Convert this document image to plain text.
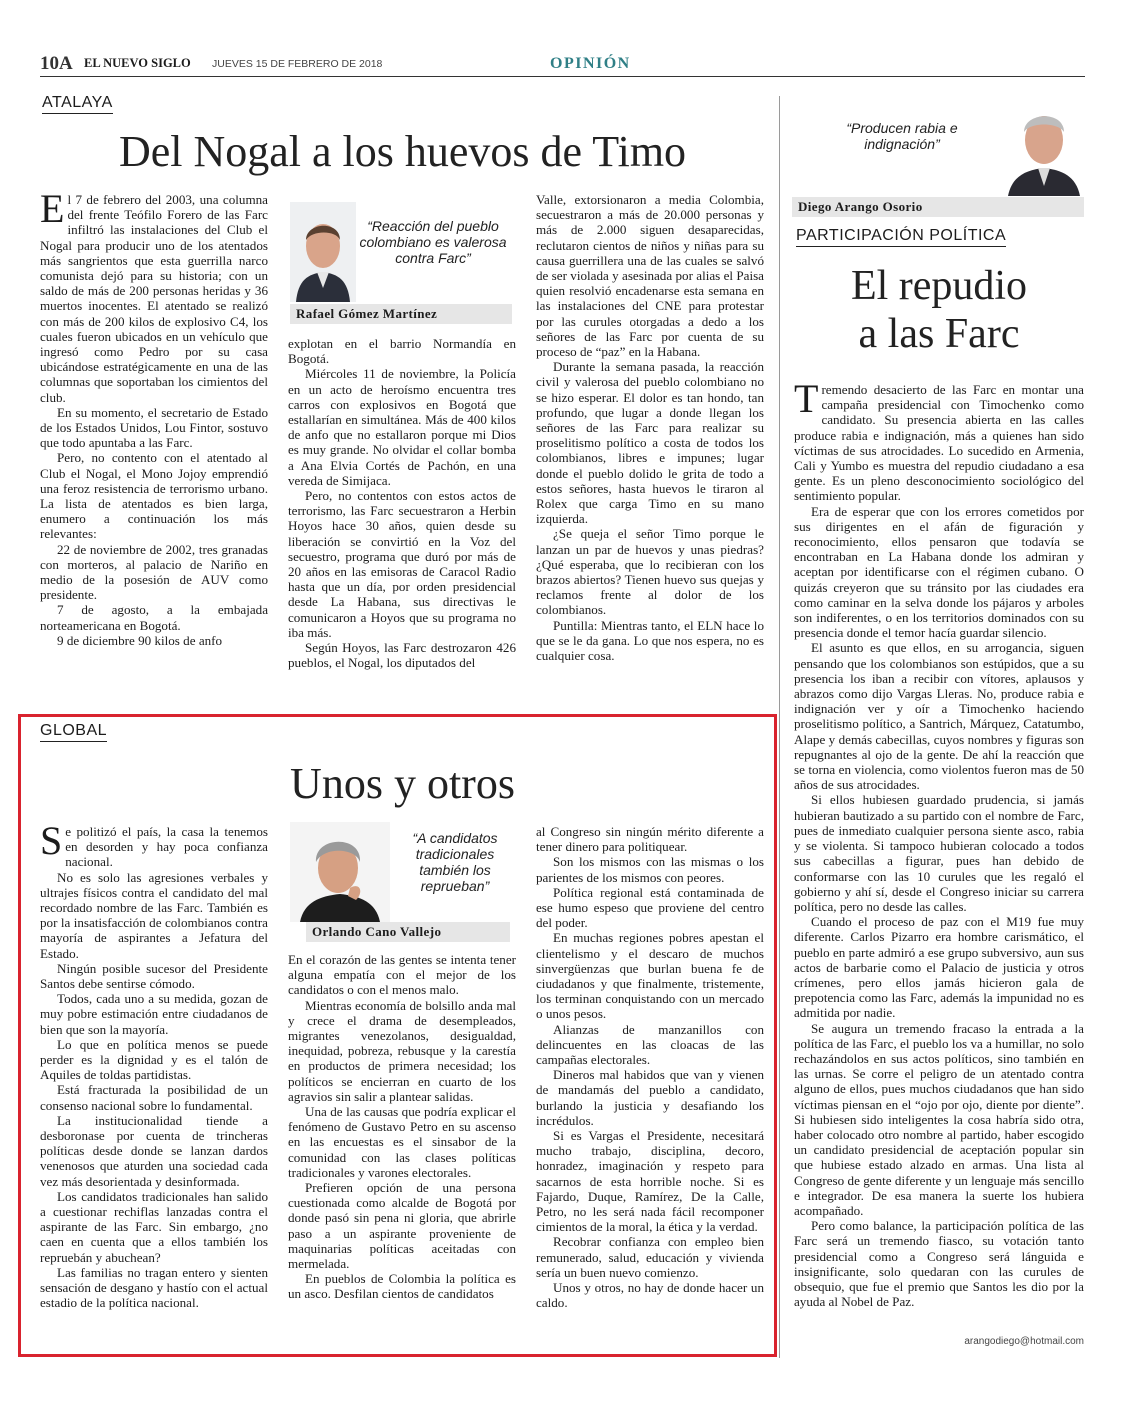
10A EL NUEVO SIGLO JUEVES 15 DE FEBRERO DE 2018	OPINIÓN
ATALAYA
Del Nogal a los huevos de Timo

El 7 de febrero del 2003, una columna del frente Teófilo Forero de las Farc infiltró las instalaciones del Club el Nogal para producir uno de los atentados más sangrientos que esta guerrilla narco comunista dejó para su historia; con un saldo de más de 200 personas heridas y 36 muertos inocentes. El atentado se realizó con más de 200 kilos de explosivo C4, los cuales fueron ubicados en un vehículo que ingresó como Pedro por su casa ubicándose estratégicamente en una de las columnas que soportaban los cimientos del club.

En su momento, el secretario de Estado de los Estados Unidos, Lou Fintor, sostuvo que todo apuntaba a las Farc.

Pero, no contento con el atentado al Club el Nogal, el Mono Jojoy emprendió una feroz resistencia de terrorismo urbano. La lista de atentados es bien larga, enumero a continuación los más relevantes:

22 de noviembre de 2002, tres granadas con morteros, al palacio de Nariño en medio de la posesión de AUV como presidente.

7 de agosto, a la embajada norteamericana en Bogotá.

9 de diciembre 90 kilos de anfo

“Reacción del pueblo colombiano es valerosa contra Farc”
Rafael Gómez Martínez

explotan en el barrio Normandía en Bogotá.

Miércoles 11 de noviembre, la Policía en un acto de heroísmo encuentra tres carros con explosivos en Bogotá que estallarían en simultánea. Más de 400 kilos de anfo que no estallaron porque mi Dios es muy grande. No olvidar el collar bomba a Ana Elvia Cortés de Pachón, en una vereda de Simijaca.

Pero, no contentos con estos actos de terrorismo, las Farc secuestraron a Herbin Hoyos hace 30 años, quien desde su liberación se convirtió en la Voz del secuestro, programa que duró por más de 20 años en las emisoras de Caracol Radio hasta que un día, por orden presidencial desde La Habana, sus directivas le comunicaron a Hoyos que su programa no iba más.

Según Hoyos, las Farc destrozaron 426 pueblos, el Nogal, los diputados del

Valle, extorsionaron a media Colombia, secuestraron a más de 20.000 personas y más de 2.000 siguen desaparecidas, reclutaron cientos de niños y niñas para su causa guerrillera una de las cuales se salvó de ser violada y asesinada por alias el Paisa quien resolvió encadenarse esta semana en las instalaciones del CNE para protestar por las curules otorgadas a dedo a los señores de las Farc por cuenta de su proceso de “paz” en la Habana.

Durante la semana pasada, la reacción civil y valerosa del pueblo colombiano no se hizo esperar. El dolor es tan hondo, tan profundo, que lugar a donde llegan los señores de las Farc para realizar su proselitismo político a costa de todos los colombianos, libres e impunes; lugar donde el pueblo dolido le grita de todo a estos señores, hasta huevos le tiraron al Rolex que carga Timo en su mano izquierda.

¿Se queja el señor Timo porque le lanzan un par de huevos y unas piedras? ¿Qué esperaba, que lo recibieran con los brazos abiertos? Tienen huevo sus quejas y reclamos frente al dolor de los colombianos.

Puntilla: Mientras tanto, el ELN hace lo que se le da gana. Lo que nos espera, no es cualquier cosa.

GLOBAL
Unos y otros

Se politizó el país, la casa la tenemos en desorden y hay poca confianza nacional.

No es solo las agresiones verbales y ultrajes físicos contra el candidato del mal recordado nombre de las Farc. También es por la insatisfacción de colombianos contra mayoría de aspirantes a Jefatura del Estado.

Ningún posible sucesor del Presidente Santos debe sentirse cómodo.

Todos, cada uno a su medida, gozan de muy pobre estimación entre ciudadanos de bien que son la mayoría.

Lo que en política menos se puede perder es la dignidad y es el talón de Aquiles de toldas partidistas.

Está fracturada la posibilidad de un consenso nacional sobre lo fundamental.

La institucionalidad tiende a desboronase por cuenta de trincheras políticas desde donde se lanzan dardos venenosos que aturden una sociedad cada vez más desorientada y desinformada.

Los candidatos tradicionales han salido a cuestionar rechiflas lanzadas contra el aspirante de las Farc. Sin embargo, ¿no caen en cuenta que a ellos también los repruebán y abuchean?

Las familias no tragan entero y sienten sensación de desgano y hastío con el actual estadio de la política nacional.

“A candidatos tradicionales también los reprueban”
Orlando Cano Vallejo

En el corazón de las gentes se intenta tener alguna empatía con el mejor de los candidatos o con el menos malo.

Mientras economía de bolsillo anda mal y crece el drama de desempleados, migrantes venezolanos, desigualdad, inequidad, pobreza, rebusque y la carestía en productos de primera necesidad; los políticos se encierran en cuarto de los agravios sin salir a plantear salidas.

Una de las causas que podría explicar el fenómeno de Gustavo Petro en su ascenso en las encuestas es el sinsabor de la comunidad con las clases políticas tradicionales y varones electorales.

Prefieren opción de una persona cuestionada como alcalde de Bogotá por donde pasó sin pena ni gloria, que abrirle paso a un aspirante proveniente de maquinarias políticas aceitadas con mermelada.

En pueblos de Colombia la política es un asco. Desfilan cientos de candidatos

al Congreso sin ningún mérito diferente a tener dinero para politiquear.

Son los mismos con las mismas o los parientes de los mismos con peores.

Política regional está contaminada de ese humo espeso que proviene del centro del poder.

En muchas regiones pobres apestan el clientelismo y el descaro de muchos sinvergüenzas que burlan buena fe de ciudadanos y que finalmente, tristemente, los terminan conquistando con un mercado o unos pesos.

Alianzas de manzanillos con delincuentes en las cloacas de las campañas electorales.

Dineros mal habidos que van y vienen de mandamás del pueblo a candidato, burlando la justicia y desafiando los incrédulos.

Si es Vargas el Presidente, necesitará mucho trabajo, disciplina, decoro, honradez, imaginación y respeto para sacarnos de esta horrible noche. Si es Fajardo, Duque, Ramírez, De la Calle, Petro, no les será nada fácil recomponer cimientos de la moral, la ética y la verdad.

Recobrar confianza con empleo bien remunerado, salud, educación y vivienda sería un buen nuevo comienzo.

Unos y otros, no hay de donde hacer un caldo.

“Producen rabia e indignación”
Diego Arango Osorio
PARTICIPACIÓN POLÍTICA
El repudio
a las Farc

Tremendo desacierto de las Farc en montar una campaña presidencial con Timochenko como candidato. Su presencia abierta en las calles produce rabia e indignación, más a quienes han sido víctimas de sus atrocidades. Lo sucedido en Armenia, Cali y Yumbo es muestra del repudio ciudadano a esa gente. Es un pleno desconocimiento sociológico del sentimiento popular.

Era de esperar que con los errores cometidos por sus dirigentes en el afán de figuración y reconocimiento, ellos pensaron que todavía se encontraban en La Habana donde los admiran y aceptan por identificarse con el régimen cubano. O quizás creyeron que su tránsito por las ciudades era como caminar en la selva donde los pájaros y arboles son indiferentes, o en los territorios dominados con su presencia donde el temor hacía guardar silencio.

El asunto es que ellos, en su arrogancia, siguen pensando que los colombianos son estúpidos, que a su presencia los iban a recibir con vítores, aplausos y abrazos como dijo Vargas Lleras. No, produce rabia e indignación ver y oír a Timochenko haciendo proselitismo político, a Santrich, Márquez, Catatumbo, Alape y demás cabecillas, cuyos nombres y figuras son repugnantes al ojo de la gente. De ahí la reacción que se torna en violencia, como violentos fueron mas de 50 años de sus atrocidades.

Si ellos hubiesen guardado prudencia, si jamás hubieran bautizado a su partido con el nombre de Farc, pues de inmediato cualquier persona siente asco, rabia y se violenta. Si tampoco hubieran colocado a todos sus cabecillas a figurar, pues han debido de conformarse con las 10 curules que les regaló el gobierno y ahí sí, desde el Congreso iniciar su carrera política, pero no desde las calles.

Cuando el proceso de paz con el M19 fue muy diferente. Carlos Pizarro era hombre carismático, el pueblo en parte admiró a ese grupo subversivo, aun sus actos de barbarie como el Palacio de justicia y otros crímenes, pero ellos jamás hicieron gala de prepotencia como las Farc, además la impunidad no es admitida por nadie.

Se augura un tremendo fracaso la entrada a la política de las Farc, el pueblo los va a humillar, no solo rechazándolos en sus actos políticos, sino también en las urnas. Se corre el peligro de un atentado contra alguno de ellos, pues muchos ciudadanos que han sido víctimas piensan en el “ojo por ojo, diente por diente”. Si hubiesen sido inteligentes la cosa habría sido otra, haber colocado otro nombre al partido, haber escogido un candidato presidencial de aceptación popular sin que hubiese estado alzado en armas. Una lista al Congreso de gente diferente y un lenguaje más sencillo e integrador. De esa manera la suerte los hubiera acompañado.

Pero como balance, la participación política de las Farc será un tremendo fiasco, su votación tanto presidencial como a Congreso será lánguida e insignificante, solo quedaran con las curules de obsequio, que fue el premio que Santos les dio por la ayuda al Nobel de Paz.

arangodiego@hotmail.com
